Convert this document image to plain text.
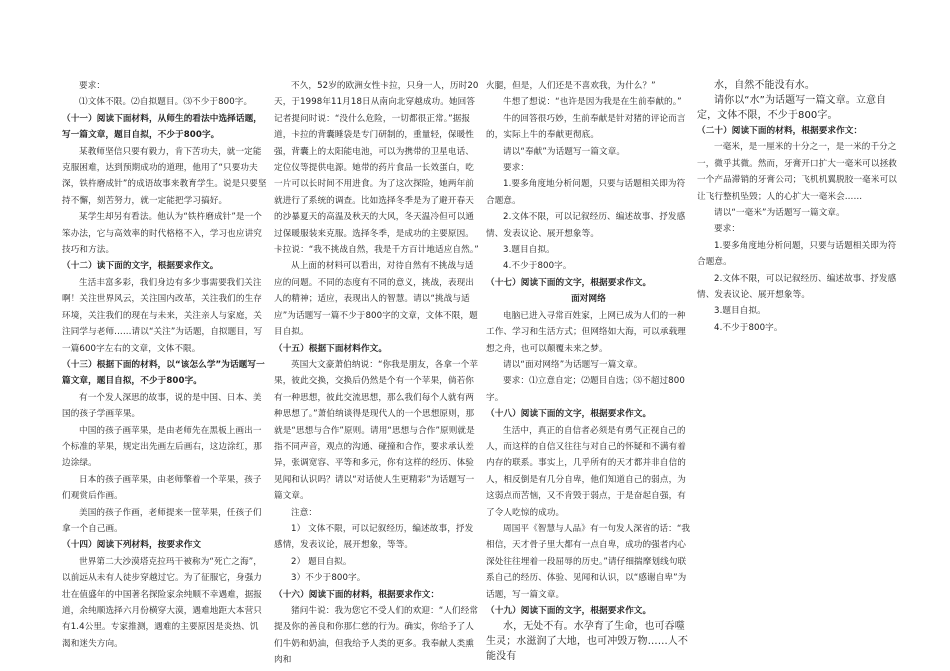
要求：

⑴文体不限。⑵自拟题目。⑶不少于800字。

（十一）阅读下面材料，从师生的看法中选择话题，写一篇文章，题目自拟，不少于800字。

某教师坚信只要有毅力，肯下苦功夫，就一定能克服困难，达到预期成功的道理，他用了“只要功夫深，铁杵磨成针”的成语故事来教育学生。说是只要坚持不懈，刻苦努力，就一定能把学习搞好。

某学生却另有看法。他认为“铁杵磨成针”是一个笨办法，它与高效率的时代格格不入，学习也应讲究技巧和方法。

（十二）读下面的文字，根据要求作文。

生活丰富多彩，我们身边有多少事需要我们关注啊！关注世界风云，关注国内改革，关注我们的生存环境，关注我们的现在与未来，关注亲人与家庭，关注同学与老师……请以“关注”为话题，自拟题目，写一篇600字左右的文章，文体不限。

（十三）根据下面的材料，以“该怎么学”为话题写一篇文章，题目自拟，不少于800字。

有一个发人深思的故事，说的是中国、日本、美国的孩子学画苹果。

中国的孩子画苹果，是由老师先在黑板上画出一个标准的苹果，规定出先画左后画右，这边涂红，那边涂绿。

日本的孩子画苹果，由老师擎着一个苹果，孩子们观赏后作画。

美国的孩子作画，老师提来一筐苹果，任孩子们拿一个自己画。

（十四）阅读下列材料，按要求作文

世界第二大沙漠塔克拉玛干被称为“死亡之海”，以前远从未有人徒步穿越过它。为了征服它，身强力壮在值盛年的中国著名探险家余纯顺不幸遇难，据报道，余纯顺选择六月份横穿大漠，遇难地距大本营只有1.4公里。专家推测，遇难的主要原因是炎热、饥渴和迷失方向。

不久，52岁的欧洲女性卡拉，只身一人，历时20天，于1998年11月18日从南向北穿越成功。她回答记者提问时说：“没什么危险，一切都很正常。”据报道，卡拉的背囊睡袋是专门研制的，重量轻，保暖性强，背囊上的太阳能电池，可以为携带的卫星电话、定位仪等提供电源。她带的药片食品一长效蛋白，吃一片可以长时间不用进食。为了这次探险，她两年前就进行了系统的调查。比如选择冬季是为了避开春天的沙暴夏天的高温及秋天的大风，冬天温冷但可以通过保暖服装来克服。选择冬季，是成功的主要原因。卡拉说：“我不挑战自然，我是千方百计地适应自然。”

从上面的材料可以看出，对待自然有不挑战与适应的问题。不同的态度有不同的意义，挑战，表现出人的精神；适应，表现出人的智慧。请以“挑战与适应”为话题写一篇不少于800字的文章，文体不限，题目自拟。

（十五）根据下面材料作文。

英国大文豪萧伯纳说：“你我是朋友，各拿一个苹果，彼此交换，交换后仍然是个有一个苹果，倘若你有一种思想，彼此交流思想，那么我们每个人就有两种思想了。”萧伯纳谈得是现代人的一个思想原则，那就是“思想与合作”原则。请用“思想与合作”原则就是指不同声音，观点的沟通、碰撞和合作，要求承认差异，张调宽容、平等和多元，你有这样的经历、体验见闻和认识吗？请以“对话使人生更精彩”为话题写一篇文章。

注意：

1） 文体不限，可以记叙经历，编述故事，抒发感情，发表议论，展开想象，等等。

2） 题目自拟。

3）不少于800字。

（十六）阅读下面的材料，根据要求作文：

猪问牛说：我为您它不受人们的欢迎：“人们经常提及你的善良和你那仁慈的行为。确实，你给予了人们牛奶和奶油，但我给予人类的更多。我奉献人类熏肉和

火腿，但是，人们还是不喜欢我，为什么？”

牛想了想说：“也许是因为我是在生前奉献的。”

牛的回答很巧妙，生前奉献是针对猪的评论而言的，实际上牛的奉献更彻底。

请以“奉献”为话题写一篇文章。

要求：

1.要多角度地分析问题，只要与话题相关即为符合题意。

2.文体不限，可以记叙经历、编述故事、抒发感情、发表议论、展开想象等。

3.题目自拟。

4.不少于800字。

（十七）阅读下面的文字，根据要求作文。

面对网络

电脑已进入寻常百姓家，上网已成为人们的一种工作、学习和生活方式；但网络如大海，可以承载理想之舟，也可以颠覆未来之梦。

请以“面对网络”为话题写一篇文章。

要求：⑴立意自定；⑵题目自选；⑶不超过800字。

（十八）阅读下面的文字，根据要求作文。

生活中，真正的自信者必须是有勇气正视自己的人，而这样的自信又往往与对自己的怀疑和不满有着内存的联系。事实上，几乎所有的天才都并非自信的人，相反倒是有几分自卑，他们知道自己的弱点，为这弱点而苦恼，又不肯毁于弱点，于是奋起自强，有了令人吃惊的成功。

周国平《智慧与人品》有一句发人深省的话：“我相信，天才骨子里大都有一点自卑，成功的强者内心深处往往埋着一段屈辱的历史。”请仔细揣摩划线句联系自己的经历、体验、见闻和认识，以“感谢自卑”为话题，写一篇文章。

（十九）阅读下面的文字，根据要求作文。

水，无处不有。水孕育了生命，也可吞噬生灵；水滋润了大地，也可冲毁万物……人不能没有

水，自然不能没有水。

请你以“水”为话题写一篇文章。立意自定，文体不限，不少于800字。

（二十）阅读下面的材料，根据要求作文：

一毫米，是一厘米的十分之一，是一米的千分之一，微乎其微。然而，牙膏开口扩大一毫米可以拯救一个产品滞销的牙膏公司；飞机机翼脱胶一毫米可以让飞行整机坠毁；人的心扩大一毫米会……

请以“一毫米”为话题写一篇文章。

要求：

1.要多角度地分析问题，只要与话题相关即为符合题意。

2.文体不限，可以记叙经历、编述故事、抒发感情、发表议论、展开想象等。

3.题目自拟。

4.不少于800字。
